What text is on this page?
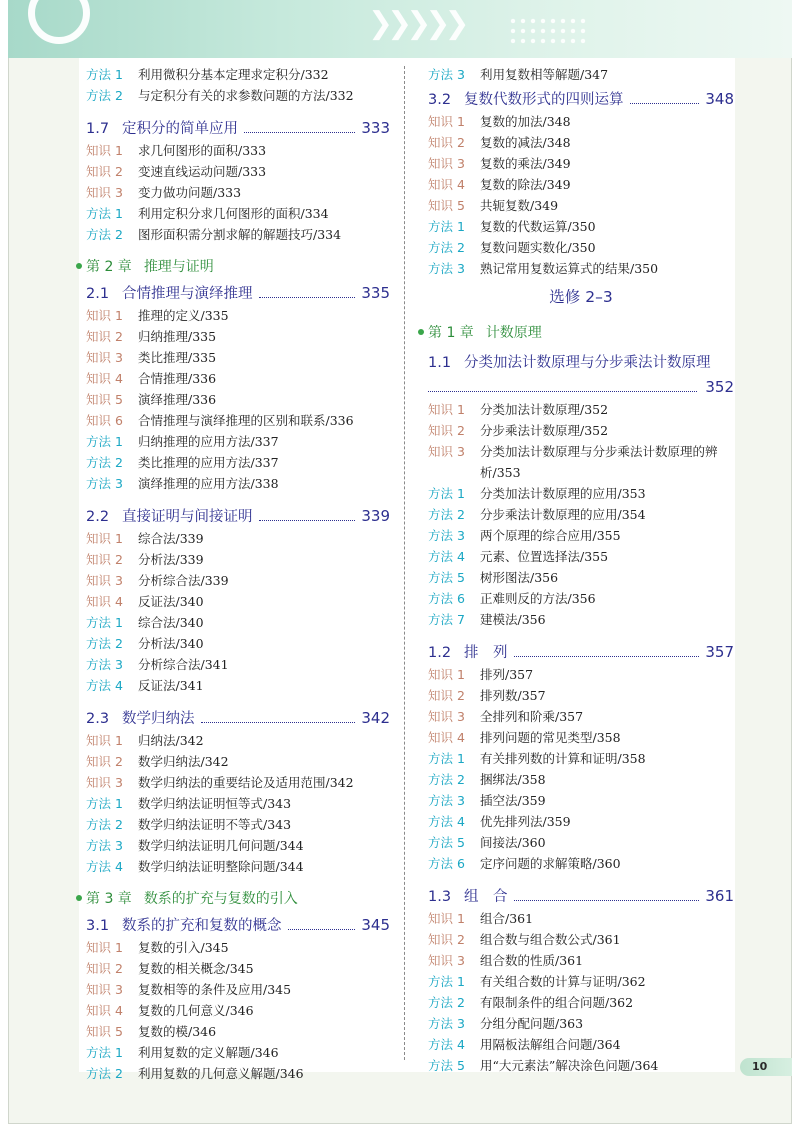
❯❯❯❯❯
方法 1	利用微积分基本定理求定积分/332
方法 2	与定积分有关的求参数问题的方法/332
1.7 定积分的简单应用	333
知识 1	求几何图形的面积/333
知识 2	变速直线运动问题/333
知识 3	变力做功问题/333
方法 1	利用定积分求几何图形的面积/334
方法 2	图形面积需分割求解的解题技巧/334
第 2 章 推理与证明
2.1 合情推理与演绎推理	335
知识 1	推理的定义/335
知识 2	归纳推理/335
知识 3	类比推理/335
知识 4	合情推理/336
知识 5	演绎推理/336
知识 6	合情推理与演绎推理的区别和联系/336
方法 1	归纳推理的应用方法/337
方法 2	类比推理的应用方法/337
方法 3	演绎推理的应用方法/338
2.2 直接证明与间接证明	339
知识 1	综合法/339
知识 2	分析法/339
知识 3	分析综合法/339
知识 4	反证法/340
方法 1	综合法/340
方法 2	分析法/340
方法 3	分析综合法/341
方法 4	反证法/341
2.3 数学归纳法	342
知识 1	归纳法/342
知识 2	数学归纳法/342
知识 3	数学归纳法的重要结论及适用范围/342
方法 1	数学归纳法证明恒等式/343
方法 2	数学归纳法证明不等式/343
方法 3	数学归纳法证明几何问题/344
方法 4	数学归纳法证明整除问题/344
第 3 章 数系的扩充与复数的引入
3.1 数系的扩充和复数的概念	345
知识 1	复数的引入/345
知识 2	复数的相关概念/345
知识 3	复数相等的条件及应用/345
知识 4	复数的几何意义/346
知识 5	复数的模/346
方法 1	利用复数的定义解题/346
方法 2	利用复数的几何意义解题/346
方法 3	利用复数相等解题/347
3.2 复数代数形式的四则运算	348
知识 1	复数的加法/348
知识 2	复数的减法/348
知识 3	复数的乘法/349
知识 4	复数的除法/349
知识 5	共轭复数/349
方法 1	复数的代数运算/350
方法 2	复数问题实数化/350
方法 3	熟记常用复数运算式的结果/350
选修 2–3
第 1 章 计数原理
1.1 分类加法计数原理与分步乘法计数原理
352
知识 1	分类加法计数原理/352
知识 2	分步乘法计数原理/352
知识 3	分类加法计数原理与分步乘法计数原理的辨析/353
方法 1	分类加法计数原理的应用/353
方法 2	分步乘法计数原理的应用/354
方法 3	两个原理的综合应用/355
方法 4	元素、位置选择法/355
方法 5	树形图法/356
方法 6	正难则反的方法/356
方法 7	建模法/356
1.2 排　列	357
知识 1	排列/357
知识 2	排列数/357
知识 3	全排列和阶乘/357
知识 4	排列问题的常见类型/358
方法 1	有关排列数的计算和证明/358
方法 2	捆绑法/358
方法 3	插空法/359
方法 4	优先排列法/359
方法 5	间接法/360
方法 6	定序问题的求解策略/360
1.3 组　合	361
知识 1	组合/361
知识 2	组合数与组合数公式/361
知识 3	组合数的性质/361
方法 1	有关组合数的计算与证明/362
方法 2	有限制条件的组合问题/362
方法 3	分组分配问题/363
方法 4	用隔板法解组合问题/364
方法 5	用“大元素法”解决涂色问题/364	10
